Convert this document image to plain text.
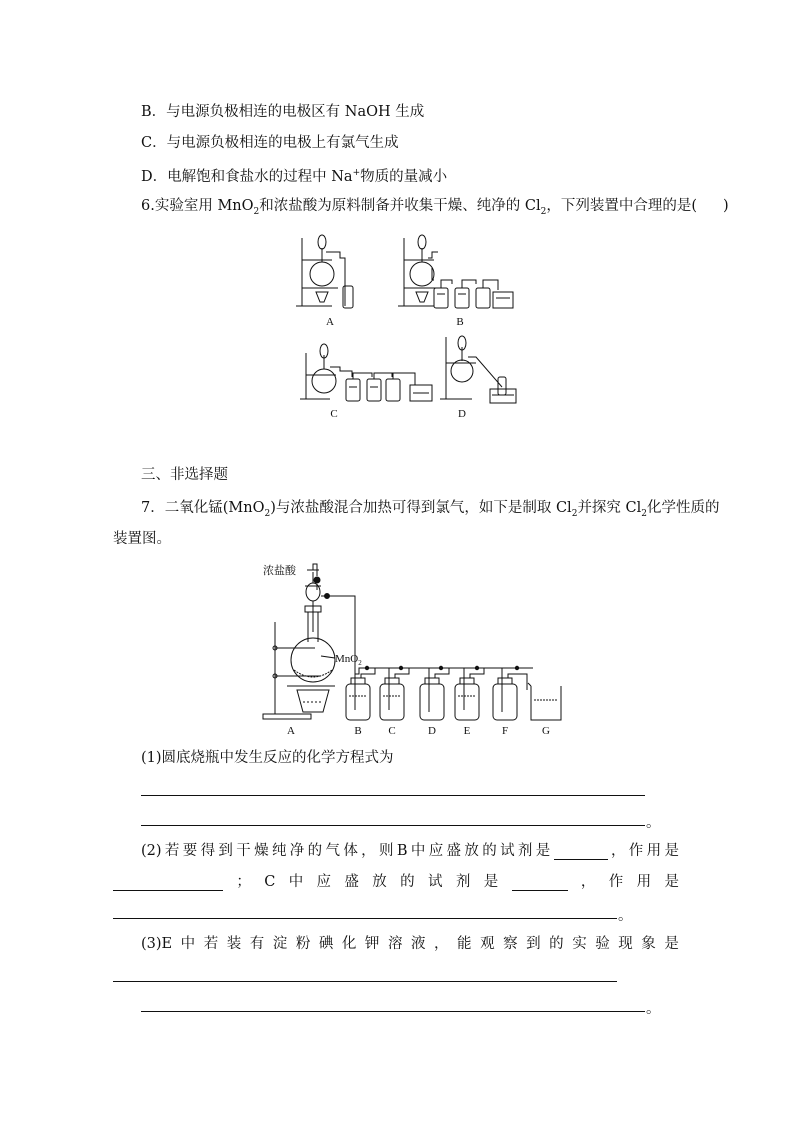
B．与电源负极相连的电极区有 NaOH 生成
C．与电源负极相连的电极上有氯气生成
D．电解饱和食盐水的过程中 Na+物质的量减小
6.实验室用 MnO$_2$和浓盐酸为原料制备并收集干燥、纯净的 $Cl_2$，下列装置中合理的是( )
A	B
C	D
三、非选择题
7．二氧化锰(MnO$_2$)与浓盐酸混合加热可得到氯气，如下是制取 $Cl_2$并探究 $Cl_2$化学性质的
装置图。
浓盐酸
MnO$_2$
A	B C	D	E	F	G
(1)圆底烧瓶中发生反应的化学方程式为
。
(2) 若 要 得 到 干 燥 纯 净 的 气 体 ， 则 B 中 应 盛 放 的 试 剂 是	， 作 用 是
； C 中 应 盛 放 的 试 剂 是	， 作 用 是
。
(3)E 中 若 装 有 淀 粉 碘 化 钾 溶 液 ， 能 观 察 到 的 实 验 现 象 是
。
